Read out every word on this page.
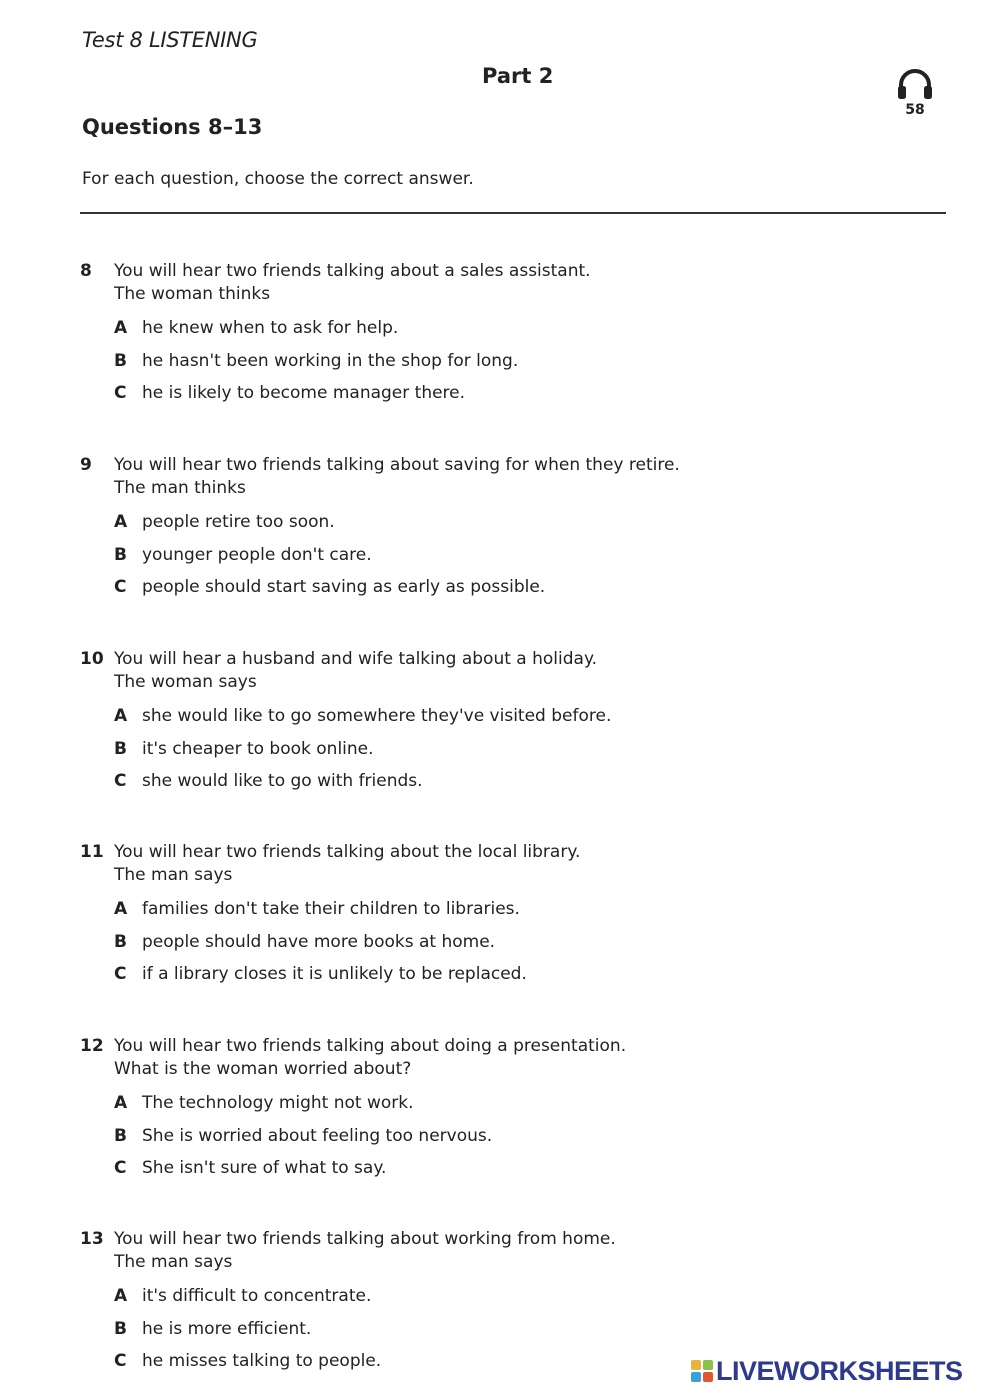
Test 8 LISTENING
Part 2
58
Questions 8–13
For each question, choose the correct answer.
8 You will hear two friends talking about a sales assistant.
The woman thinks
A he knew when to ask for help.
B he hasn't been working in the shop for long.
C he is likely to become manager there.
9 You will hear two friends talking about saving for when they retire.
The man thinks
A people retire too soon.
B younger people don't care.
C people should start saving as early as possible.
10 You will hear a husband and wife talking about a holiday.
The woman says
A she would like to go somewhere they've visited before.
B it's cheaper to book online.
C she would like to go with friends.
11 You will hear two friends talking about the local library.
The man says
A families don't take their children to libraries.
B people should have more books at home.
C if a library closes it is unlikely to be replaced.
12 You will hear two friends talking about doing a presentation.
What is the woman worried about?
A The technology might not work.
B She is worried about feeling too nervous.
C She isn't sure of what to say.
13 You will hear two friends talking about working from home.
The man says
A it's difficult to concentrate.
B he is more efficient.
C he misses talking to people.	LIVEWORKSHEETS
